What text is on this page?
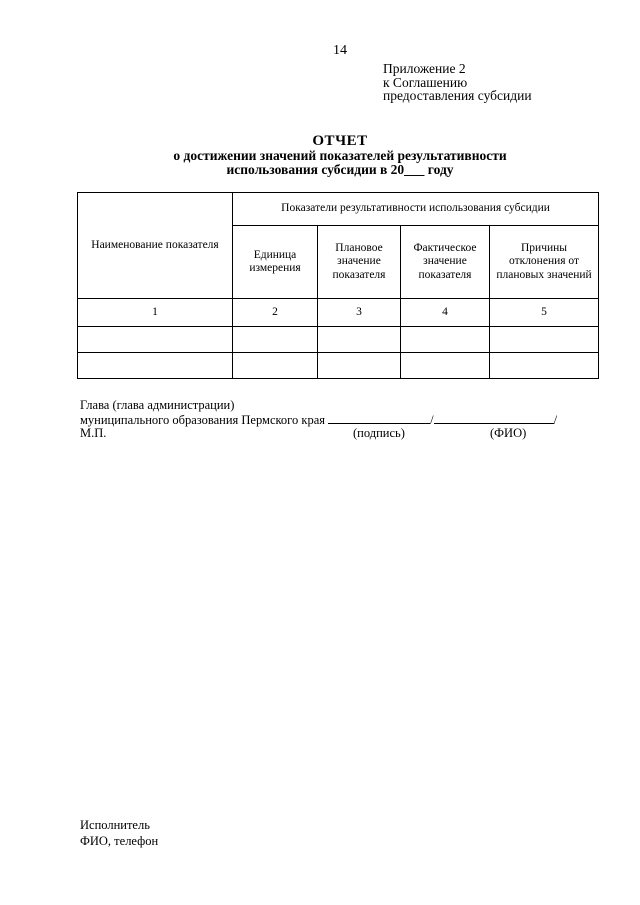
14
Приложение 2
к Соглашению
предоставления субсидии
ОТЧЕТ
о достижении значений показателей результативности
использования субсидии в 20___ году
Наименование показателя	Показатели результативности использования субсидии			
	Единица измерения	Плановое значение показателя	Фактическое значение показателя	Причины отклонения от плановых значений
1	2	3	4	5

Глава (глава администрации)
муниципального образования Пермского края	/	/
М.П.	(подпись)	(ФИО)
Исполнитель
ФИО, телефон
